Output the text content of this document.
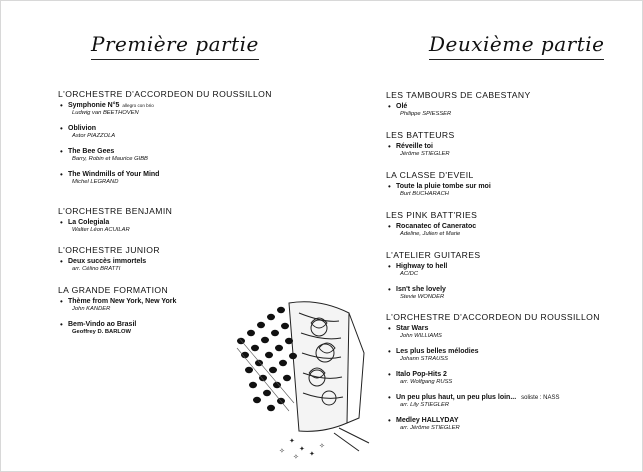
Première partie	Deuxième partie
L'ORCHESTRE D'ACCORDEON DU ROUSSILLON
• Symphonie N°5 allegro con brio
Ludwig van BEETHOVEN
• Oblivion
Astor PIAZZOLA
• The Bee Gees
Barry, Robin et Maurice GIBB
• The Windmills of Your Mind
Michel LEGRAND
L'ORCHESTRE BENJAMIN
• La Colegiala
Walter Léon ACUILAR
L'ORCHESTRE JUNIOR
• Deux succès immortels
arr. Célino BRATTI
LA GRANDE FORMATION
• Thème from New York, New York
John KANDER
• Bem-Vindo ao Brasil
Geoffrey D. BARLOW
✦
✦
✧	✦
✧
✧
LES TAMBOURS DE CABESTANY
• Olé
Philippe SPIESSER
LES BATTEURS
• Réveille toi
Jérôme STIEGLER
LA CLASSE D'EVEIL
• Toute la pluie tombe sur moi
Burt BUCHARACH
LES PINK BATT'RIES
• Rocanatec of Caneratoc
Adeline, Julien et Marie
L'ATELIER GUITARES
• Highway to hell
AC/DC
• Isn't she lovely
Stevie WONDER
L'ORCHESTRE D'ACCORDEON DU ROUSSILLON
• Star Wars
John WILLIAMS
• Les plus belles mélodies
Johann STRAUSS
• Italo Pop-Hits 2
arr. Wolfgang RUSS
• Un peu plus haut, un peu plus loin... soliste : NASS
arr. Lily STIEGLER
• Medley HALLYDAY
arr. Jérôme STIEGLER
